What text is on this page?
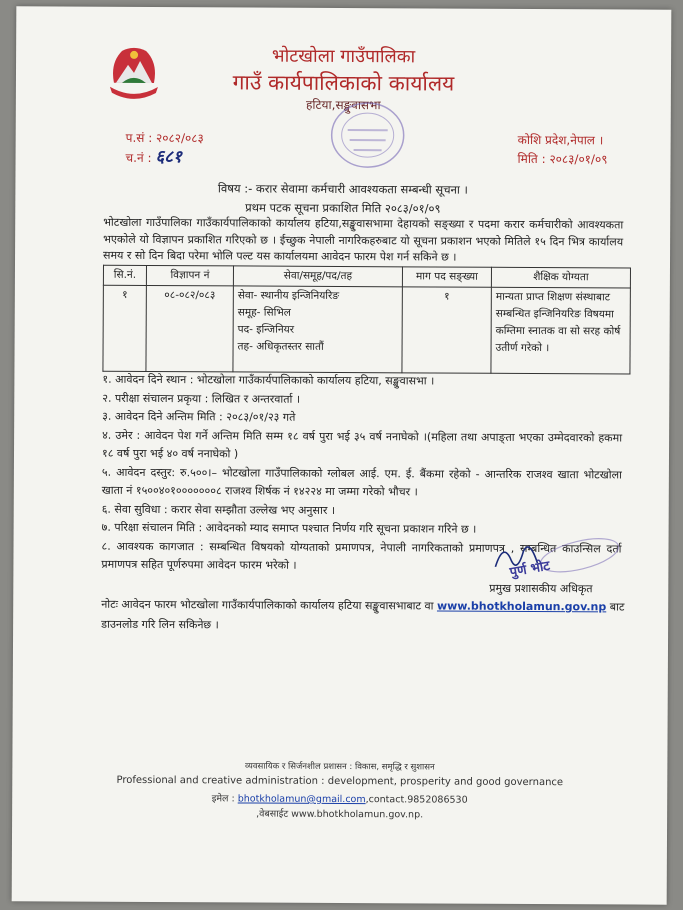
भोटखोला गाउँपालिका
गाउँ कार्यपालिकाको कार्यालय
हटिया,सङ्खुवासभा
प.सं : २०८२/०८३
च.नं : ६८१
कोशि प्रदेश,नेपाल ।
मिति : २०८३/०१/०९
विषय :- करार सेवामा कर्मचारी आवश्यकता सम्बन्धी सूचना ।
प्रथम पटक सूचना प्रकाशित मिति २०८३/०१/०९
भोटखोला गाउँपालिका गाउँकार्यपालिकाको कार्यालय हटिया,सङ्खुवासभामा देहायको सङ्ख्या र पदमा करार कर्मचारीको आवश्यकता भएकोले यो विज्ञापन प्रकाशित गरिएको छ । ईच्छुक नेपाली नागरिकहरुबाट यो सूचना प्रकाशन भएको मितिले १५ दिन भित्र कार्यालय समय र सो दिन बिदा परेमा भोलि पल्ट यस कार्यालयमा आवेदन फारम पेश गर्न सकिने छ ।
सि.नं.	विज्ञापन नं	सेवा/समूह/पद/तह	माग पद सङ्ख्या	शैक्षिक योग्यता
१	०८-०८२/०८३	सेवा- स्थानीय इन्जिनियरिङ
समूह- सिभिल
पद- इन्जिनियर
तह- अधिकृतस्तर सातौं	१	मान्यता प्राप्त शिक्षण संस्थाबाट सम्बन्धित इन्जिनियरिङ विषयमा कम्तिमा स्नातक वा सो सरह कोर्ष उतीर्ण गरेको ।
१. आवेदन दिने स्थान : भोटखोला गाउँकार्यपालिकाको कार्यालय हटिया, सङ्खुवासभा ।
२. परीक्षा संचालन प्रकृया : लिखित र अन्तरवार्ता ।
३. आवेदन दिने अन्तिम मिति : २०८३/०१/२३ गते
४. उमेर : आवेदन पेश गर्ने अन्तिम मिति सम्म १८ वर्ष पुरा भई ३५ वर्ष ननाघेको ।(महिला तथा अपाङ्ता भएका उम्मेदवारको हकमा १८ वर्ष पुरा भई ४० वर्ष ननाघेको )
५. आवेदन दस्तुर: रु.५००।– भोटखोला गाउँपालिकाको ग्लोबल आई. एम. ई. बैंकमा रहेको - आन्तरिक राजश्व खाता भोटखोला खाता नं १५००४०१०००००००८ राजश्व शिर्षक नं १४२२४ मा जम्मा गरेको भौचर ।
६. सेवा सुविधा : करार सेवा सम्झौता उल्लेख भए अनुसार ।
७. परिक्षा संचालन मिति : आवेदनको म्याद समाप्त पश्चात निर्णय गरि सूचना प्रकाशन गरिने छ ।
८. आवश्यक कागजात : सम्बन्धित विषयको योग्यताको प्रमाणपत्र, नेपाली नागरिकताको प्रमाणपत्र , सम्बन्धित काउन्सिल दर्ता प्रमाणपत्र सहित पूर्णरुपमा आवेदन फारम भरेको ।	पुर्ण भोट
प्रमुख प्रशासकीय अधिकृत
नोटः आवेदन फारम भोटखोला गाउँकार्यपालिकाको कार्यालय हटिया सङ्खुवासभाबाट वा www.bhotkholamun.gov.np बाट डाउनलोड गरि लिन सकिनेछ ।
व्यवसायिक र सिर्जनशील प्रशासन : विकास, समृद्धि र सुशासन
Professional and creative administration : development, prosperity and good governance
इमेल : bhotkholamun@gmail.com,contact.9852086530
,वेबसाईट www.bhotkholamun.gov.np.
